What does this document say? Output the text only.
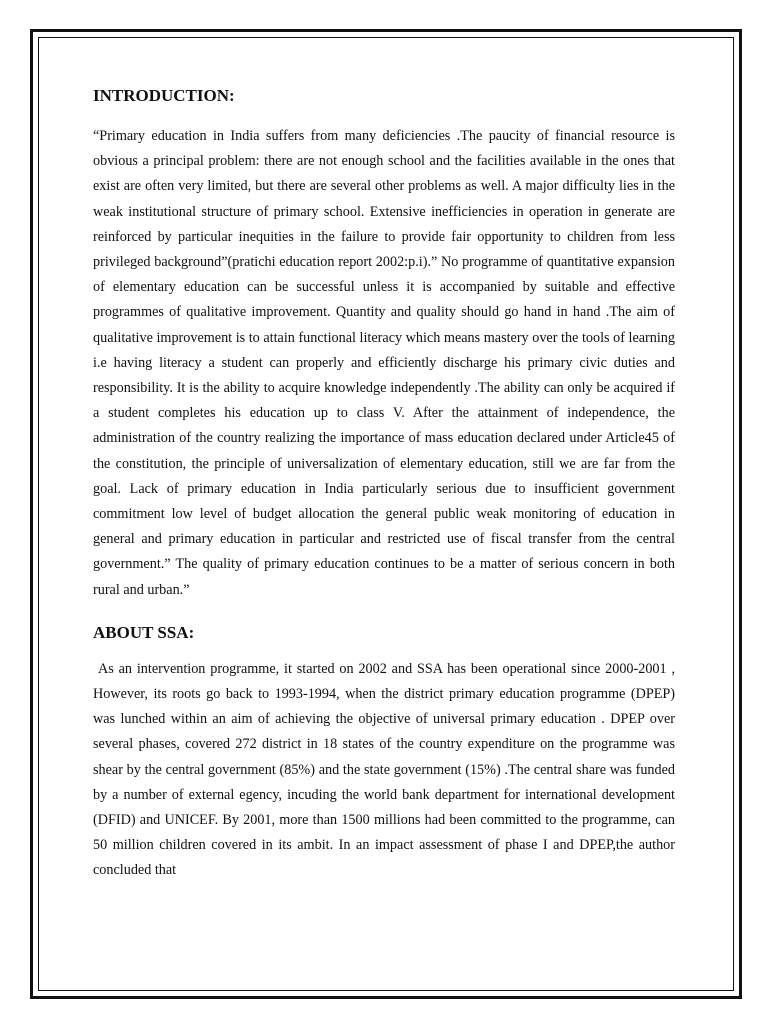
INTRODUCTION:

“Primary education in India suffers from many deficiencies .The paucity of financial resource is obvious a principal problem: there are not enough school and the facilities available in the ones that exist are often very limited, but there are several other problems as well. A major difficulty lies in the weak institutional structure of primary school. Extensive inefficiencies in operation in generate are reinforced by particular inequities in the failure to provide fair opportunity to children from less privileged background”(pratichi education report 2002:p.i).” No programme of quantitative expansion of elementary education can be successful unless it is accompanied by suitable and effective programmes of qualitative improvement. Quantity and quality should go hand in hand .The aim of qualitative improvement is to attain functional literacy which means mastery over the tools of learning i.e having literacy a student can properly and efficiently discharge his primary civic duties and responsibility. It is the ability to acquire knowledge independently .The ability can only be acquired if a student completes his education up to class V. After the attainment of independence, the administration of the country realizing the importance of mass education declared under Article45 of the constitution, the principle of universalization of elementary education, still we are far from the goal. Lack of primary education in India particularly serious due to insufficient government commitment low level of budget allocation the general public weak monitoring of education in general and primary education in particular and restricted use of fiscal transfer from the central government.” The quality of primary education continues to be a matter of serious concern in both rural and urban.”

ABOUT SSA:

As an intervention programme, it started on 2002 and SSA has been operational since 2000-2001 , However, its roots go back to 1993-1994, when the district primary education programme (DPEP) was lunched within an aim of achieving the objective of universal primary education . DPEP over several phases, covered 272 district in 18 states of the country expenditure on the programme was shear by the central government (85%) and the state government (15%) .The central share was funded by a number of external egency, incuding the world bank department for international development (DFID) and UNICEF. By 2001, more than 1500 millions had been committed to the programme, can 50 million children covered in its ambit. In an impact assessment of phase I and DPEP,the author concluded that
